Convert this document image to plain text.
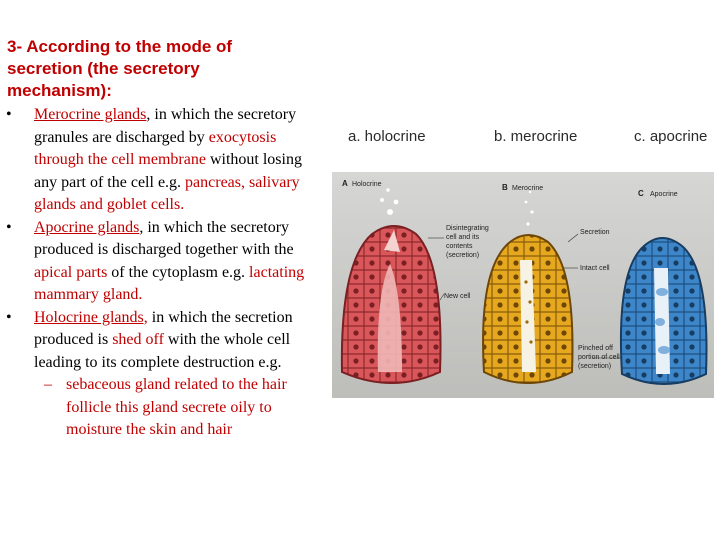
3- According to the mode of secretion (the secretory mechanism):
• Merocrine glands, in which the secretory granules are discharged by exocytosis through the cell membrane without losing any part of the cell e.g. pancreas, salivary glands and goblet cells.
• Apocrine glands, in which the secretory produced is discharged together with the apical parts of the cytoplasm e.g. lactating mammary gland.
• Holocrine glands, in which the secretion produced is shed off with the whole cell leading to its complete destruction e.g.
– sebaceous gland related to the hair follicle this gland secrete oily to moisture the skin and hair
a. holocrine	b. merocrine	c. apocrine
A Holocrine	B Merocrine
C Apocrine
Disintegrating cell and its contents (secretion)
New cell
Secretion
Intact cell
Pinched off portion of cell (secretion)
